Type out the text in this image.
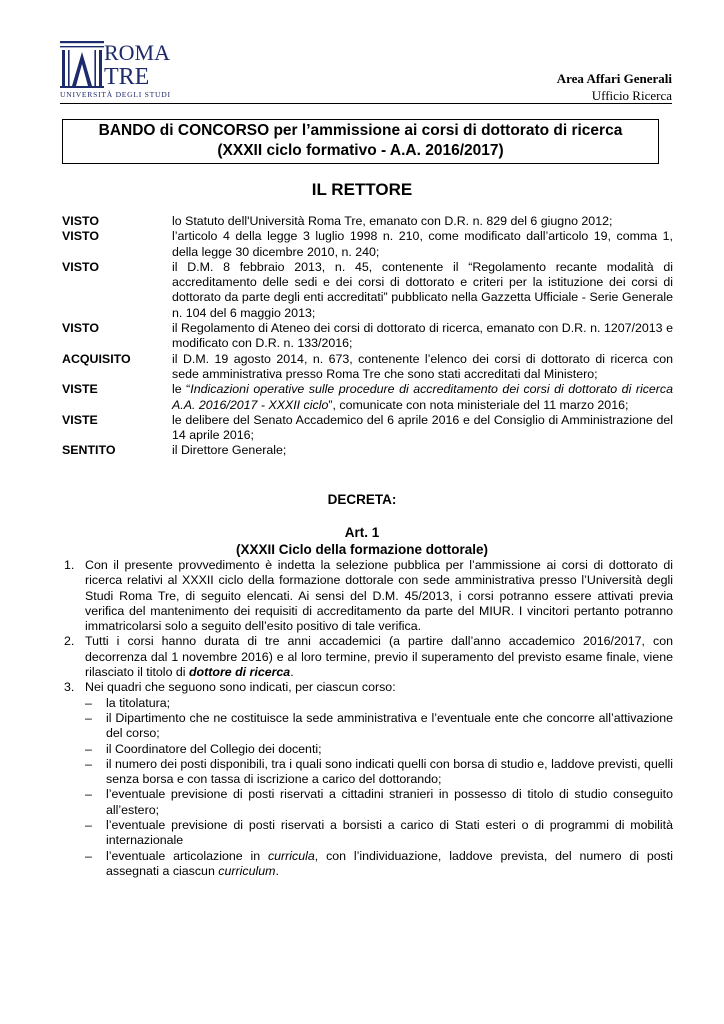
ROMA
TRE
UNIVERSITÀ DEGLI STUDI
Area Affari Generali
Ufficio Ricerca
BANDO di CONCORSO per l’ammissione ai corsi di dottorato di ricerca
(XXXII ciclo formativo - A.A. 2016/2017)
IL RETTORE
VISTO	lo Statuto dell'Università Roma Tre, emanato con D.R. n. 829 del 6 giugno 2012;
VISTO	l’articolo 4 della legge 3 luglio 1998 n. 210, come modificato dall’articolo 19, comma 1, della legge 30 dicembre 2010, n. 240;
VISTO	il D.M. 8 febbraio 2013, n. 45, contenente il “Regolamento recante modalità di accreditamento delle sedi e dei corsi di dottorato e criteri per la istituzione dei corsi di dottorato da parte degli enti accreditati” pubblicato nella Gazzetta Ufficiale - Serie Generale n. 104 del 6 maggio 2013;
VISTO	il Regolamento di Ateneo dei corsi di dottorato di ricerca, emanato con D.R. n. 1207/2013 e modificato con D.R. n. 133/2016;
ACQUISITO	il D.M. 19 agosto 2014, n. 673, contenente l’elenco dei corsi di dottorato di ricerca con sede amministrativa presso Roma Tre che sono stati accreditati dal Ministero;
VISTE	le “Indicazioni operative sulle procedure di accreditamento dei corsi di dottorato di ricerca A.A. 2016/2017 - XXXII ciclo”, comunicate con nota ministeriale del 11 marzo 2016;
VISTE	le delibere del Senato Accademico del 6 aprile 2016 e del Consiglio di Amministrazione del 14 aprile 2016;
SENTITO	il Direttore Generale;
DECRETA:
Art. 1
(XXXII Ciclo della formazione dottorale)
1. Con il presente provvedimento è indetta la selezione pubblica per l’ammissione ai corsi di dottorato di ricerca relativi al XXXII ciclo della formazione dottorale con sede amministrativa presso l’Università degli Studi Roma Tre, di seguito elencati. Ai sensi del D.M. 45/2013, i corsi potranno essere attivati previa verifica del mantenimento dei requisiti di accreditamento da parte del MIUR. I vincitori pertanto potranno immatricolarsi solo a seguito dell’esito positivo di tale verifica.
2. Tutti i corsi hanno durata di tre anni accademici (a partire dall’anno accademico 2016/2017, con decorrenza dal 1 novembre 2016) e al loro termine, previo il superamento del previsto esame finale, viene rilasciato il titolo di dottore di ricerca.
3. Nei quadri che seguono sono indicati, per ciascun corso:
–	la titolatura;
–	il Dipartimento che ne costituisce la sede amministrativa e l’eventuale ente che concorre all’attivazione del corso;
–	il Coordinatore del Collegio dei docenti;
–	il numero dei posti disponibili, tra i quali sono indicati quelli con borsa di studio e, laddove previsti, quelli senza borsa e con tassa di iscrizione a carico del dottorando;
–	l’eventuale previsione di posti riservati a cittadini stranieri in possesso di titolo di studio conseguito all’estero;
–	l’eventuale previsione di posti riservati a borsisti a carico di Stati esteri o di programmi di mobilità internazionale
–	l’eventuale articolazione in curricula, con l’individuazione, laddove prevista, del numero di posti assegnati a ciascun curriculum.
